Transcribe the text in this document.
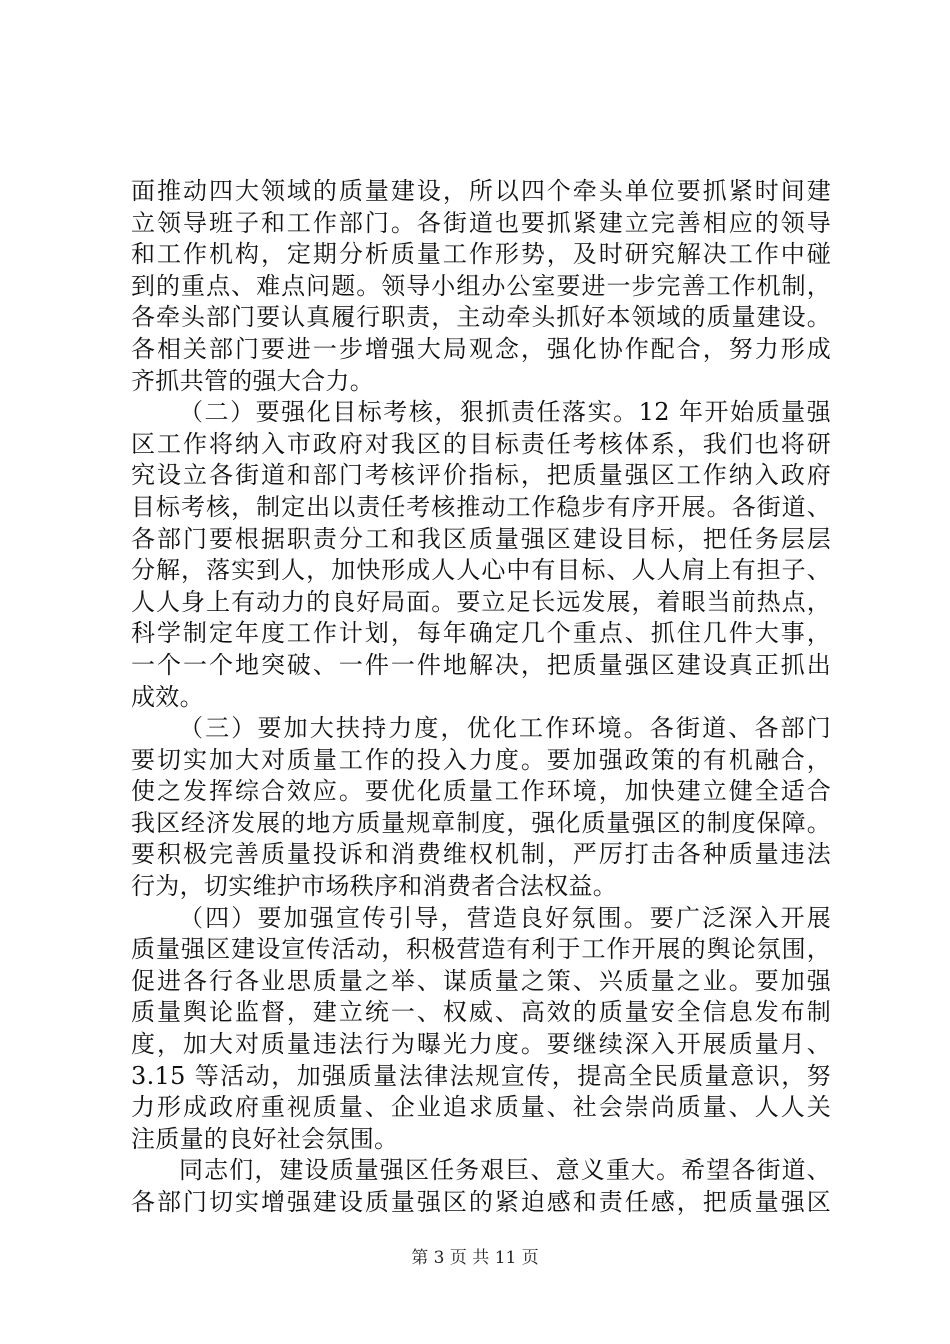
面推动四大领域的质量建设，所以四个牵头单位要抓紧时间建
立领导班子和工作部门。各街道也要抓紧建立完善相应的领导
和工作机构，定期分析质量工作形势，及时研究解决工作中碰
到的重点、难点问题。领导小组办公室要进一步完善工作机制，
各牵头部门要认真履行职责，主动牵头抓好本领域的质量建设。
各相关部门要进一步增强大局观念，强化协作配合，努力形成
齐抓共管的强大合力。
（二）要强化目标考核，狠抓责任落实。12 年开始质量强
区工作将纳入市政府对我区的目标责任考核体系，我们也将研
究设立各街道和部门考核评价指标，把质量强区工作纳入政府
目标考核，制定出以责任考核推动工作稳步有序开展。各街道、
各部门要根据职责分工和我区质量强区建设目标，把任务层层
分解，落实到人，加快形成人人心中有目标、人人肩上有担子、
人人身上有动力的良好局面。要立足长远发展，着眼当前热点，
科学制定年度工作计划，每年确定几个重点、抓住几件大事，
一个一个地突破、一件一件地解决，把质量强区建设真正抓出
成效。
（三）要加大扶持力度，优化工作环境。各街道、各部门
要切实加大对质量工作的投入力度。要加强政策的有机融合，
使之发挥综合效应。要优化质量工作环境，加快建立健全适合
我区经济发展的地方质量规章制度，强化质量强区的制度保障。
要积极完善质量投诉和消费维权机制，严厉打击各种质量违法
行为，切实维护市场秩序和消费者合法权益。
（四）要加强宣传引导，营造良好氛围。要广泛深入开展
质量强区建设宣传活动，积极营造有利于工作开展的舆论氛围，
促进各行各业思质量之举、谋质量之策、兴质量之业。要加强
质量舆论监督，建立统一、权威、高效的质量安全信息发布制
度，加大对质量违法行为曝光力度。要继续深入开展质量月、
3.15 等活动，加强质量法律法规宣传，提高全民质量意识，努
力形成政府重视质量、企业追求质量、社会崇尚质量、人人关
注质量的良好社会氛围。
同志们，建设质量强区任务艰巨、意义重大。希望各街道、
各部门切实增强建设质量强区的紧迫感和责任感，把质量强区
第 3 页 共 11 页
